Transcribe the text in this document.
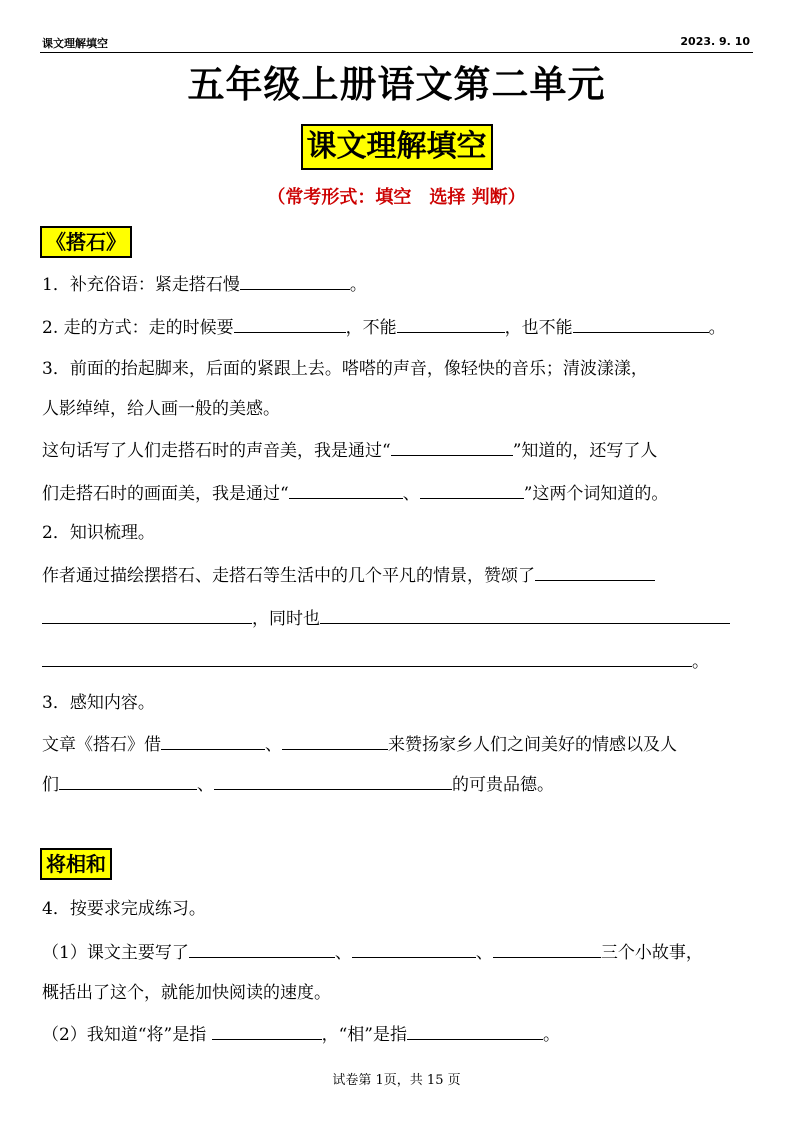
课文理解填空	2023. 9. 10
五年级上册语文第二单元
课文理解填空
（常考形式：填空　选择 判断）
《搭石》
1．补充俗语：紧走搭石慢	。
2. 走的方式：走的时候要	，不能	，也不能	。
3．前面的抬起脚来，后面的紧跟上去。嗒嗒的声音，像轻快的音乐；清波漾漾，
人影绰绰，给人画一般的美感。
这句话写了人们走搭石时的声音美，我是通过“	”知道的，还写了人
们走搭石时的画面美，我是通过“	、	”这两个词知道的。
2．知识梳理。
作者通过描绘摆搭石、走搭石等生活中的几个平凡的情景，赞颂了
，同时也
。
3．感知内容。
文章《搭石》借	、	来赞扬家乡人们之间美好的情感以及人
们	、	的可贵品德。
将相和
4．按要求完成练习。
（1）课文主要写了	、	、	三个小故事，
概括出了这个，就能加快阅读的速度。
（2）我知道“将”是指	，“相”是指	。
试卷第 1页，共 15 页
